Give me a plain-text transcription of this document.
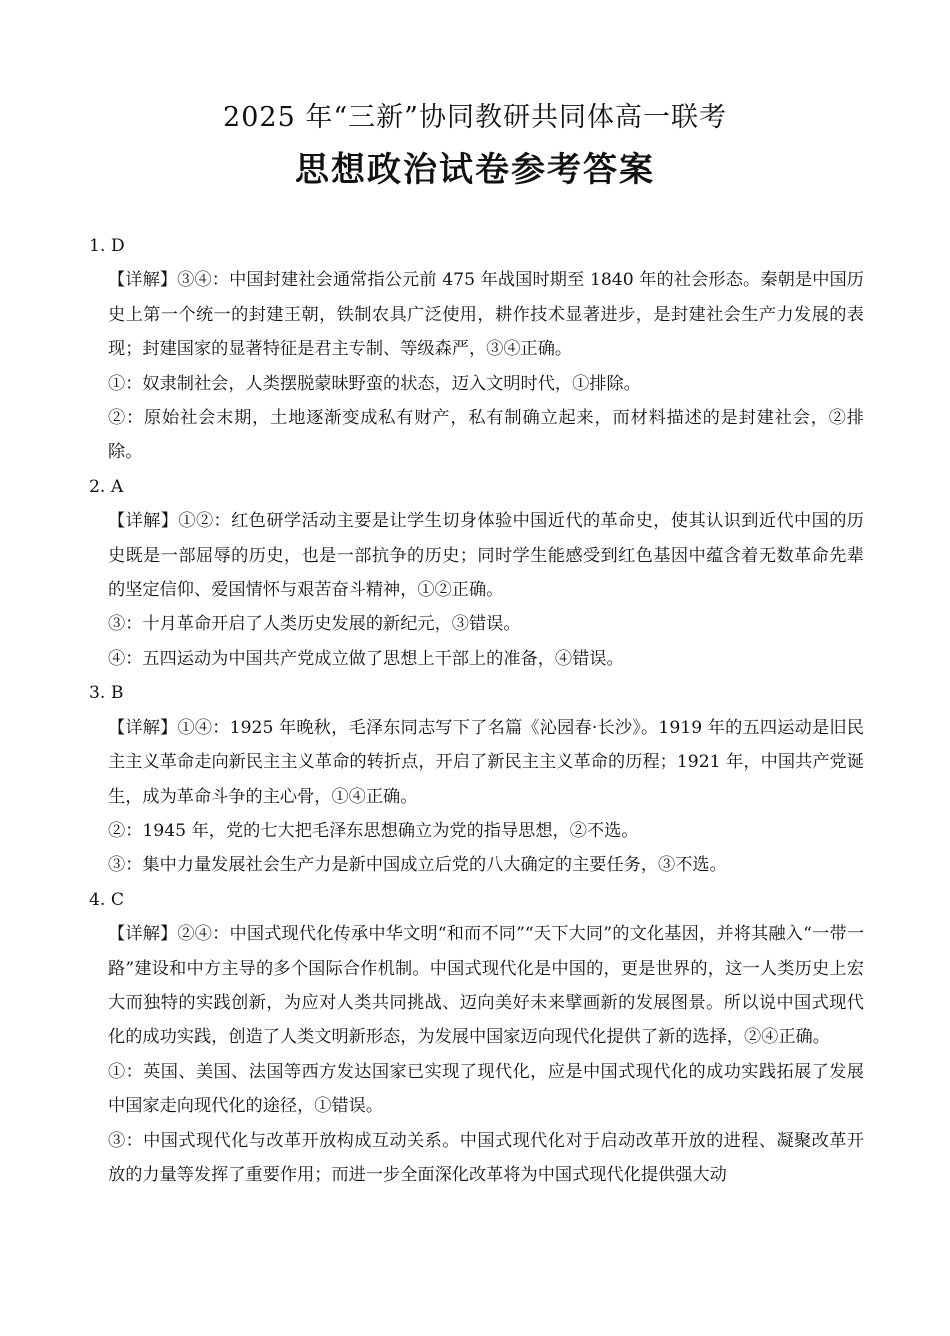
2025 年“三新”协同教研共同体高一联考
思想政治试卷参考答案

1. D

【详解】③④：中国封建社会通常指公元前 475 年战国时期至 1840 年的社会形态。秦朝是中国历史上第一个统一的封建王朝，铁制农具广泛使用，耕作技术显著进步，是封建社会生产力发展的表现；封建国家的显著特征是君主专制、等级森严，③④正确。

①：奴隶制社会，人类摆脱蒙昧野蛮的状态，迈入文明时代，①排除。

②：原始社会末期，土地逐渐变成私有财产，私有制确立起来，而材料描述的是封建社会，②排除。

2. A

【详解】①②：红色研学活动主要是让学生切身体验中国近代的革命史，使其认识到近代中国的历史既是一部屈辱的历史，也是一部抗争的历史；同时学生能感受到红色基因中蕴含着无数革命先辈的坚定信仰、爱国情怀与艰苦奋斗精神，①②正确。

③：十月革命开启了人类历史发展的新纪元，③错误。

④：五四运动为中国共产党成立做了思想上干部上的准备，④错误。

3. B

【详解】①④：1925 年晚秋，毛泽东同志写下了名篇《沁园春·长沙》。1919 年的五四运动是旧民主主义革命走向新民主主义革命的转折点，开启了新民主主义革命的历程；1921 年，中国共产党诞生，成为革命斗争的主心骨，①④正确。

②：1945 年，党的七大把毛泽东思想确立为党的指导思想，②不选。

③：集中力量发展社会生产力是新中国成立后党的八大确定的主要任务，③不选。

4. C

【详解】②④：中国式现代化传承中华文明“和而不同”“天下大同”的文化基因，并将其融入“一带一路”建设和中方主导的多个国际合作机制。中国式现代化是中国的，更是世界的，这一人类历史上宏大而独特的实践创新，为应对人类共同挑战、迈向美好未来擘画新的发展图景。所以说中国式现代化的成功实践，创造了人类文明新形态，为发展中国家迈向现代化提供了新的选择，②④正确。

①：英国、美国、法国等西方发达国家已实现了现代化，应是中国式现代化的成功实践拓展了发展中国家走向现代化的途径，①错误。

③：中国式现代化与改革开放构成互动关系。中国式现代化对于启动改革开放的进程、凝聚改革开放的力量等发挥了重要作用；而进一步全面深化改革将为中国式现代化提供强大动
